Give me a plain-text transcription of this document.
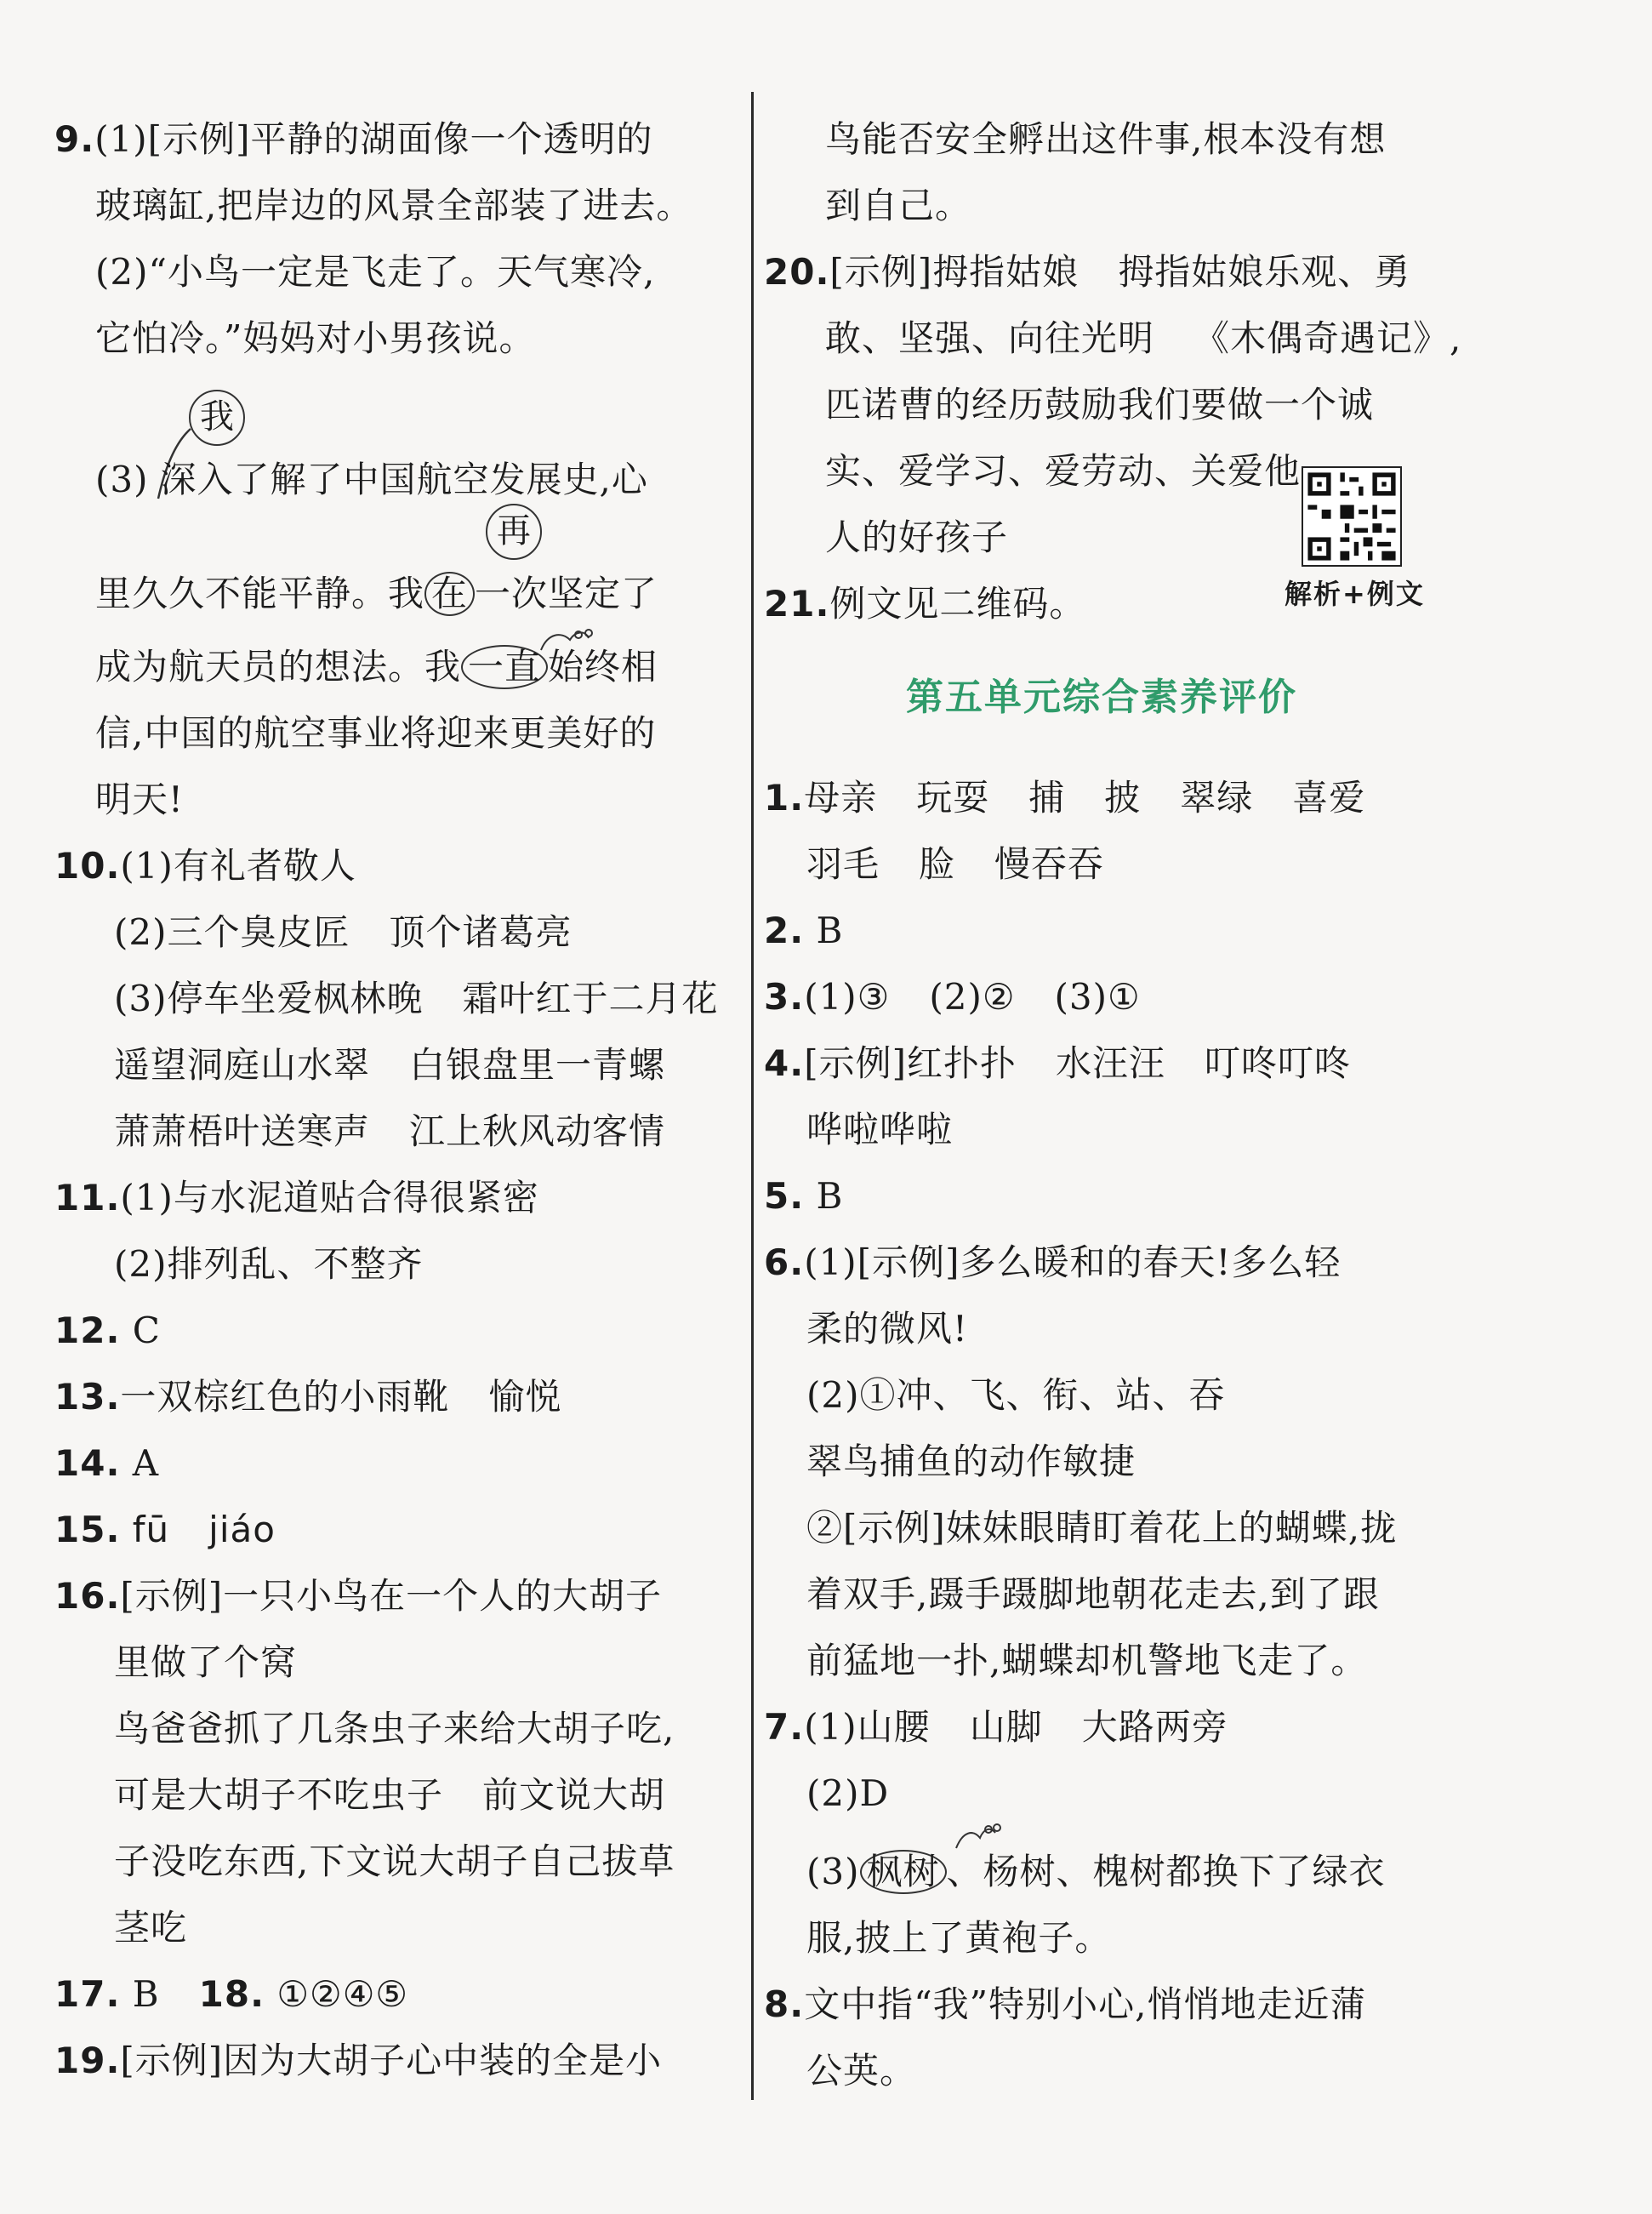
9.(1)[示例]平静的湖面像一个透明的
玻璃缸,把岸边的风景全部装了进去。
(2)“小鸟一定是飞走了。天气寒冷,
它怕冷。”妈妈对小男孩说。
我
(3) 深入了解了中国航空发展史,心
再
里久久不能平静。我 在 一次坚定了
成为航天员的想法。我 一直 始终相
信,中国的航空事业将迎来更美好的
明天!
10.(1)有礼者敬人
(2)三个臭皮匠 顶个诸葛亮
(3)停车坐爱枫林晚 霜叶红于二月花
遥望洞庭山水翠 白银盘里一青螺
萧萧梧叶送寒声 江上秋风动客情
11.(1)与水泥道贴合得很紧密
(2)排列乱、不整齐
12. C
13.一双棕红色的小雨靴 愉悦
14. A
15. fū jiáo
16.[示例]一只小鸟在一个人的大胡子
里做了个窝
鸟爸爸抓了几条虫子来给大胡子吃,
可是大胡子不吃虫子 前文说大胡
子没吃东西,下文说大胡子自己拔草
茎吃
17. B 18. ①②④⑤
19.[示例]因为大胡子心中装的全是小
鸟能否安全孵出这件事,根本没有想
到自己。
20.[示例]拇指姑娘 拇指姑娘乐观、勇
敢、坚强、向往光明 《木偶奇遇记》,
匹诺曹的经历鼓励我们要做一个诚
实、爱学习、爱劳动、关爱他
人的好孩子
解析+例文
21.例文见二维码。
第五单元综合素养评价
1.母亲 玩耍 捕 披 翠绿 喜爱
羽毛 脸 慢吞吞
2. B
3.(1)③ (2)② (3)①
4.[示例]红扑扑 水汪汪 叮咚叮咚
哗啦哗啦
5. B
6.(1)[示例]多么暖和的春天!多么轻
柔的微风!
(2)①冲、飞、衔、站、吞
翠鸟捕鱼的动作敏捷
②[示例]妹妹眼睛盯着花上的蝴蝶,拢
着双手,蹑手蹑脚地朝花走去,到了跟
前猛地一扑,蝴蝶却机警地飞走了。
7.(1)山腰 山脚 大路两旁
(2)D
(3) 枫树 、杨树、槐树都换下了绿衣
服,披上了黄袍子。
8.文中指“我”特别小心,悄悄地走近蒲
公英。
